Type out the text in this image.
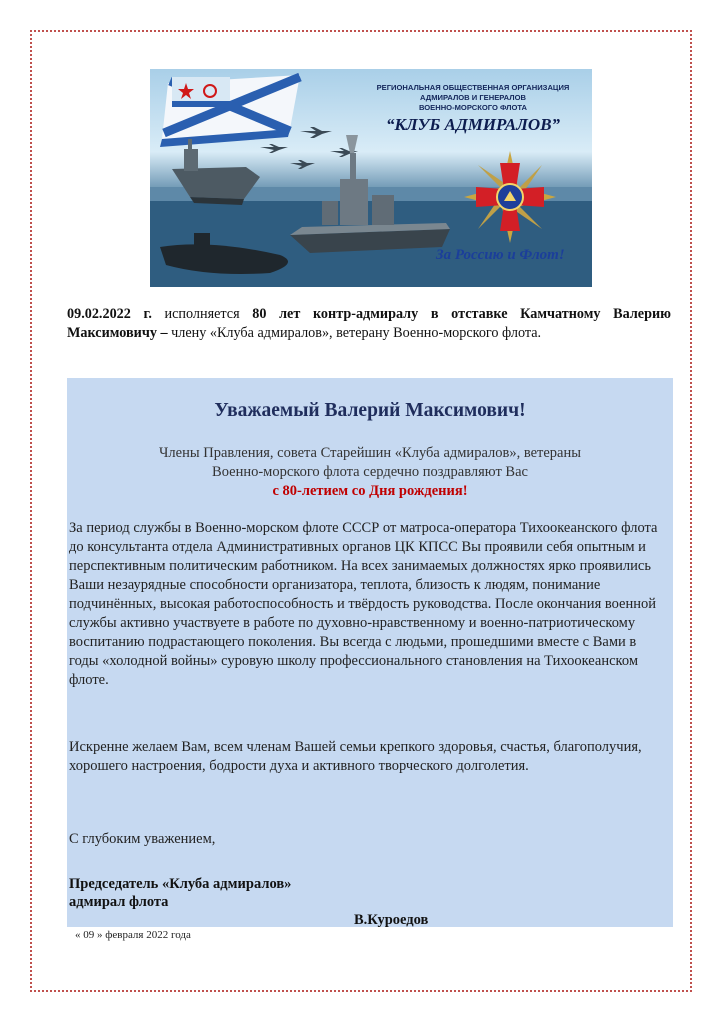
РЕГИОНАЛЬНАЯ ОБЩЕСТВЕННАЯ ОРГАНИЗАЦИЯ
АДМИРАЛОВ И ГЕНЕРАЛОВ
ВОЕННО-МОРСКОГО ФЛОТА
“КЛУБ АДМИРАЛОВ”
За Россию и Флот!
09.02.2022 г. исполняется 80 лет контр-адмиралу в отставке Камчатному Валерию Максимовичу – члену «Клуба адмиралов», ветерану Военно-морского флота.
Уважаемый Валерий Максимович!
Члены Правления, совета Старейшин «Клуба адмиралов», ветераны
Военно-морского флота сердечно поздравляют Вас
с 80-летием со Дня рождения!
За период службы в Военно-морском флоте СССР от матроса-оператора Тихоокеанского флота до консультанта отдела Административных органов ЦК КПСС Вы проявили себя опытным и перспективным политическим работником. На всех занимаемых должностях ярко проявились Ваши незаурядные способности организатора, теплота, близость к людям, понимание подчинённых, высокая работоспособность и твёрдость руководства. После окончания военной службы активно участвуете в работе по духовно-нравственному и военно-патриотическому воспитанию подрастающего поколения. Вы всегда с людьми, прошедшими вместе с Вами в годы «холодной войны» суровую школу профессионального становления на Тихоокеанском флоте.
Искренне желаем Вам, всем членам Вашей семьи крепкого здоровья, счастья, благополучия, хорошего настроения, бодрости духа и активного творческого долголетия.
С глубоким уважением,
Председатель «Клуба адмиралов»
адмирал флота
В.Куроедов
« 09 » февраля 2022 года
